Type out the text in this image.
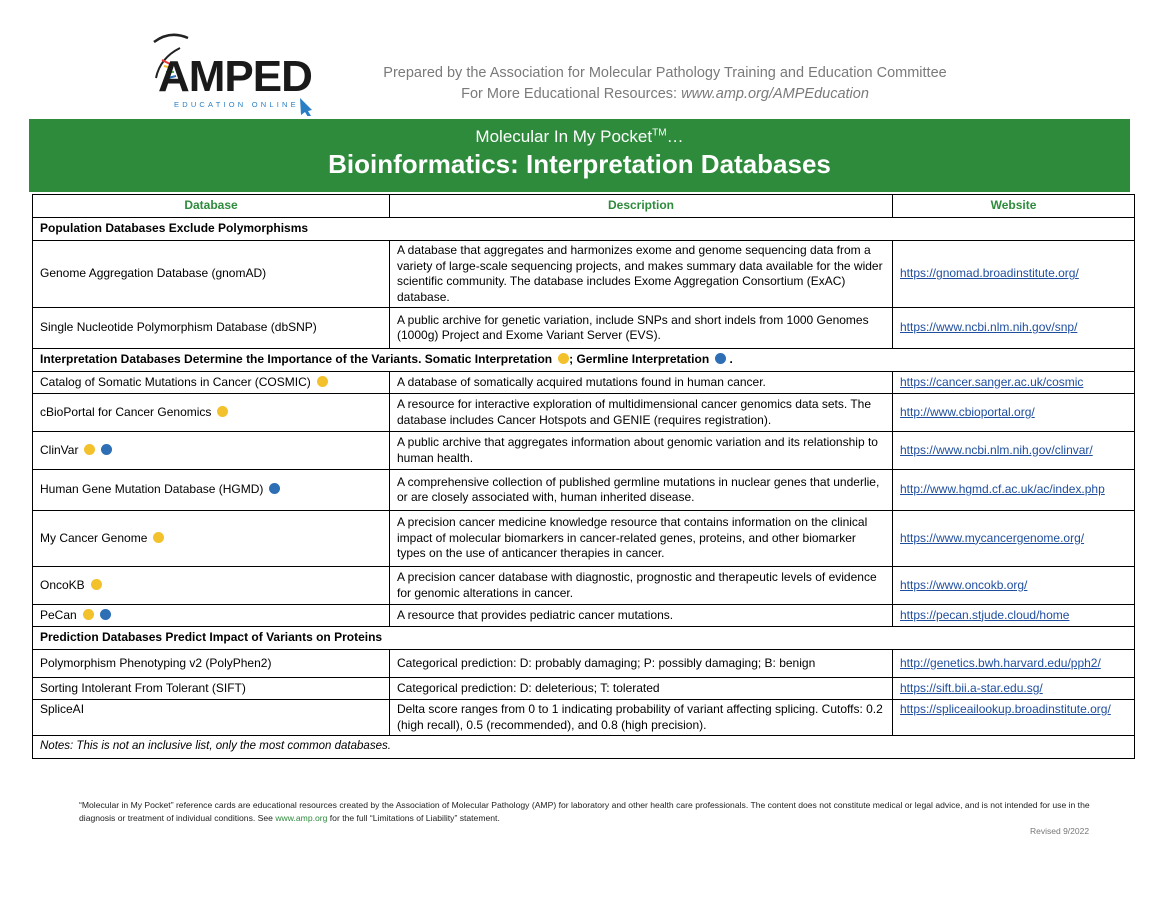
AMPED
EDUCATION ONLINE
Prepared by the Association for Molecular Pathology Training and Education Committee
For More Educational Resources: www.amp.org/AMPEducation
Molecular In My Pocket™…
Bioinformatics: Interpretation Databases
Database	Description	Website
Population Databases Exclude Polymorphisms		
Genome Aggregation Database (gnomAD)	A database that aggregates and harmonizes exome and genome sequencing data from a variety of large-scale sequencing projects, and makes summary data available for the wider scientific community. The database includes Exome Aggregation Consortium (ExAC) database.	https://gnomad.broadinstitute.org/
Single Nucleotide Polymorphism Database (dbSNP)	A public archive for genetic variation, include SNPs and short indels from 1000 Genomes (1000g) Project and Exome Variant Server (EVS).	https://www.ncbi.nlm.nih.gov/snp/
Interpretation Databases Determine the Importance of the Variants. Somatic Interpretation ; Germline Interpretation .		
Catalog of Somatic Mutations in Cancer (COSMIC)	A database of somatically acquired mutations found in human cancer.	https://cancer.sanger.ac.uk/cosmic
cBioPortal for Cancer Genomics	A resource for interactive exploration of multidimensional cancer genomics data sets. The database includes Cancer Hotspots and GENIE (requires registration).	http://www.cbioportal.org/
ClinVar	A public archive that aggregates information about genomic variation and its relationship to human health.	https://www.ncbi.nlm.nih.gov/clinvar/
Human Gene Mutation Database (HGMD)	A comprehensive collection of published germline mutations in nuclear genes that underlie, or are closely associated with, human inherited disease.	http://www.hgmd.cf.ac.uk/ac/index.php
My Cancer Genome	A precision cancer medicine knowledge resource that contains information on the clinical impact of molecular biomarkers in cancer-related genes, proteins, and other biomarker types on the use of anticancer therapies in cancer.	https://www.mycancergenome.org/
OncoKB	A precision cancer database with diagnostic, prognostic and therapeutic levels of evidence for genomic alterations in cancer.	https://www.oncokb.org/
PeCan	A resource that provides pediatric cancer mutations.	https://pecan.stjude.cloud/home
Prediction Databases Predict Impact of Variants on Proteins		
Polymorphism Phenotyping v2 (PolyPhen2)	Categorical prediction: D: probably damaging; P: possibly damaging; B: benign	http://genetics.bwh.harvard.edu/pph2/
Sorting Intolerant From Tolerant (SIFT)	Categorical prediction: D: deleterious; T: tolerated	https://sift.bii.a-star.edu.sg/
SpliceAI	Delta score ranges from 0 to 1 indicating probability of variant affecting splicing. Cutoffs: 0.2 (high recall), 0.5 (recommended), and 0.8 (high precision).	https://spliceailookup.broadinstitute.org/
Notes: This is not an inclusive list, only the most common databases.		
“Molecular in My Pocket” reference cards are educational resources created by the Association of Molecular Pathology (AMP) for laboratory and other health care professionals. The content does not constitute medical or legal advice, and is not intended for use in the diagnosis or treatment of individual conditions. See www.amp.org for the full “Limitations of Liability” statement.
Revised 9/2022
